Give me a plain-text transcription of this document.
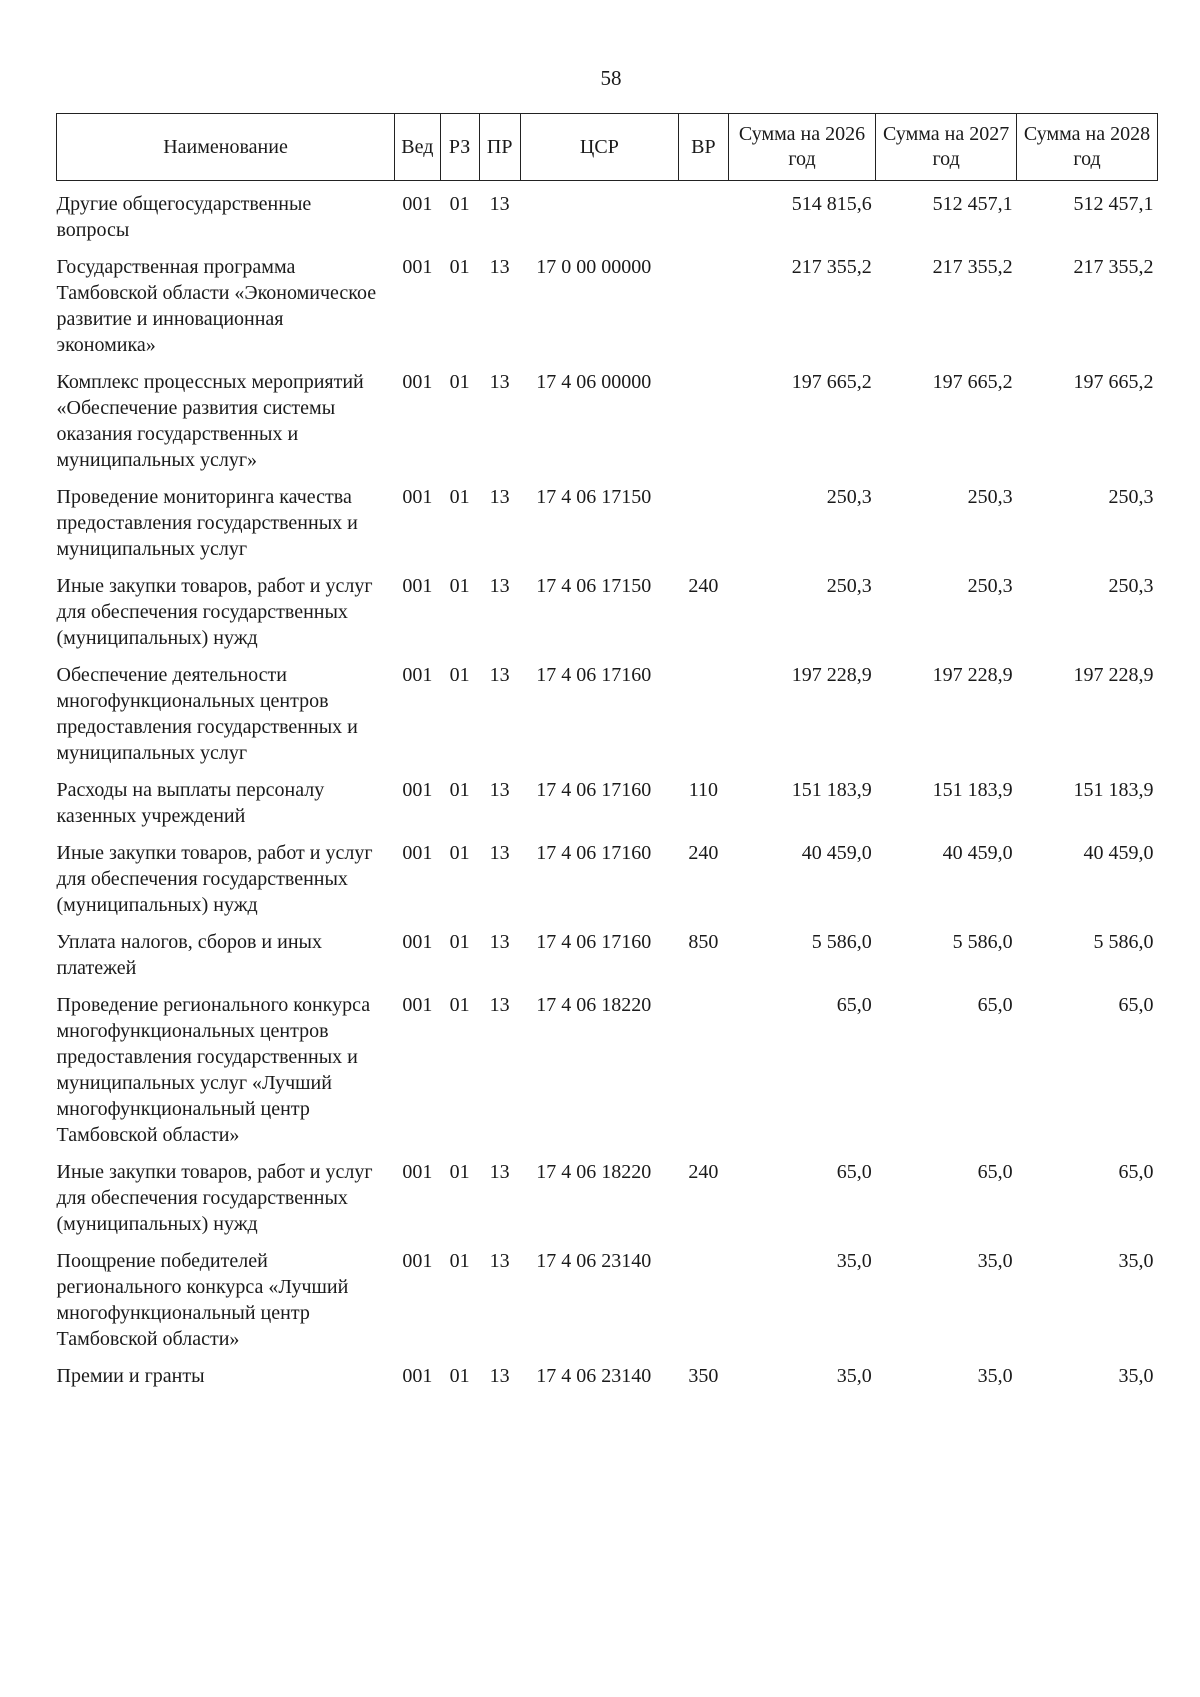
58
Наименование	Вед	РЗ	ПР	ЦСР	ВР	Сумма на 2026 год	Сумма на 2027 год	Сумма на 2028 год
Другие общегосударственные вопросы	001	01	13			514 815,6	512 457,1	512 457,1
Государственная программа Тамбовской области «Экономическое развитие и инновационная экономика»	001	01	13	17 0 00 00000		217 355,2	217 355,2	217 355,2
Комплекс процессных мероприятий «Обеспечение развития системы оказания государственных и муниципальных услуг»	001	01	13	17 4 06 00000		197 665,2	197 665,2	197 665,2
Проведение мониторинга качества предоставления государственных и муниципальных услуг	001	01	13	17 4 06 17150		250,3	250,3	250,3
Иные закупки товаров, работ и услуг для обеспечения государственных (муниципальных) нужд	001	01	13	17 4 06 17150	240	250,3	250,3	250,3
Обеспечение деятельности многофункциональных центров предоставления государственных и муниципальных услуг	001	01	13	17 4 06 17160		197 228,9	197 228,9	197 228,9
Расходы на выплаты персоналу казенных учреждений	001	01	13	17 4 06 17160	110	151 183,9	151 183,9	151 183,9
Иные закупки товаров, работ и услуг для обеспечения государственных (муниципальных) нужд	001	01	13	17 4 06 17160	240	40 459,0	40 459,0	40 459,0
Уплата налогов, сборов и иных платежей	001	01	13	17 4 06 17160	850	5 586,0	5 586,0	5 586,0
Проведение регионального конкурса многофункциональных центров предоставления государственных и муниципальных услуг «Лучший многофункциональный центр Тамбовской области»	001	01	13	17 4 06 18220		65,0	65,0	65,0
Иные закупки товаров, работ и услуг для обеспечения государственных (муниципальных) нужд	001	01	13	17 4 06 18220	240	65,0	65,0	65,0
Поощрение победителей регионального конкурса «Лучший многофункциональный центр Тамбовской области»	001	01	13	17 4 06 23140		35,0	35,0	35,0
Премии и гранты	001	01	13	17 4 06 23140	350	35,0	35,0	35,0
